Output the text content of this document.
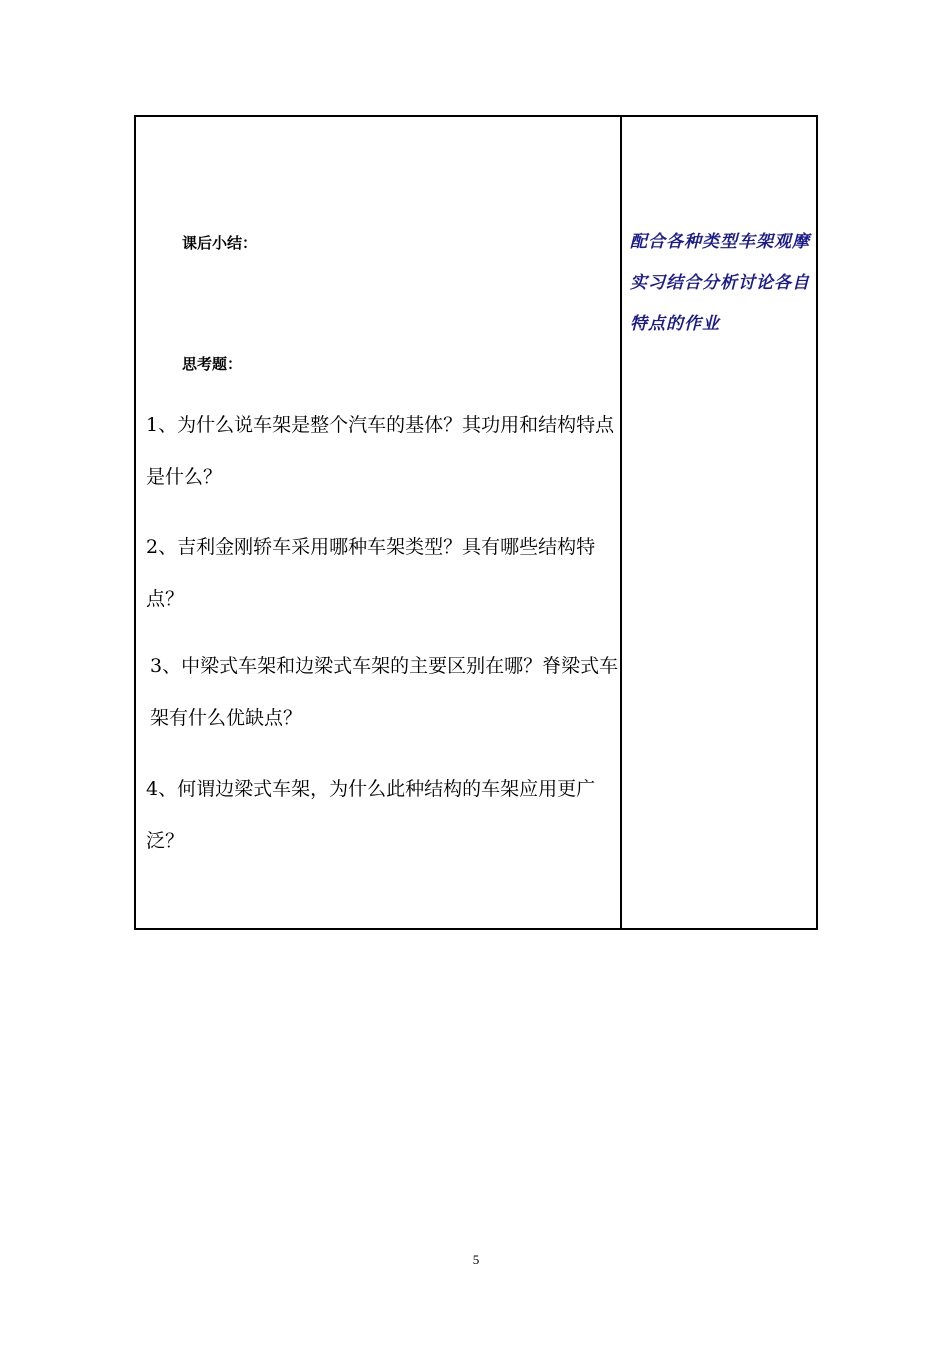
课后小结：
思考题：
1、为什么说车架是整个汽车的基体？其功用和结构特点是什么？
2、吉利金刚轿车采用哪种车架类型？具有哪些结构特点？
3、中梁式车架和边梁式车架的主要区别在哪？脊梁式车架有什么优缺点？
4、何谓边梁式车架，为什么此种结构的车架应用更广泛？
配合各种类型车架观摩实习结合分析讨论各自特点的作业
5
